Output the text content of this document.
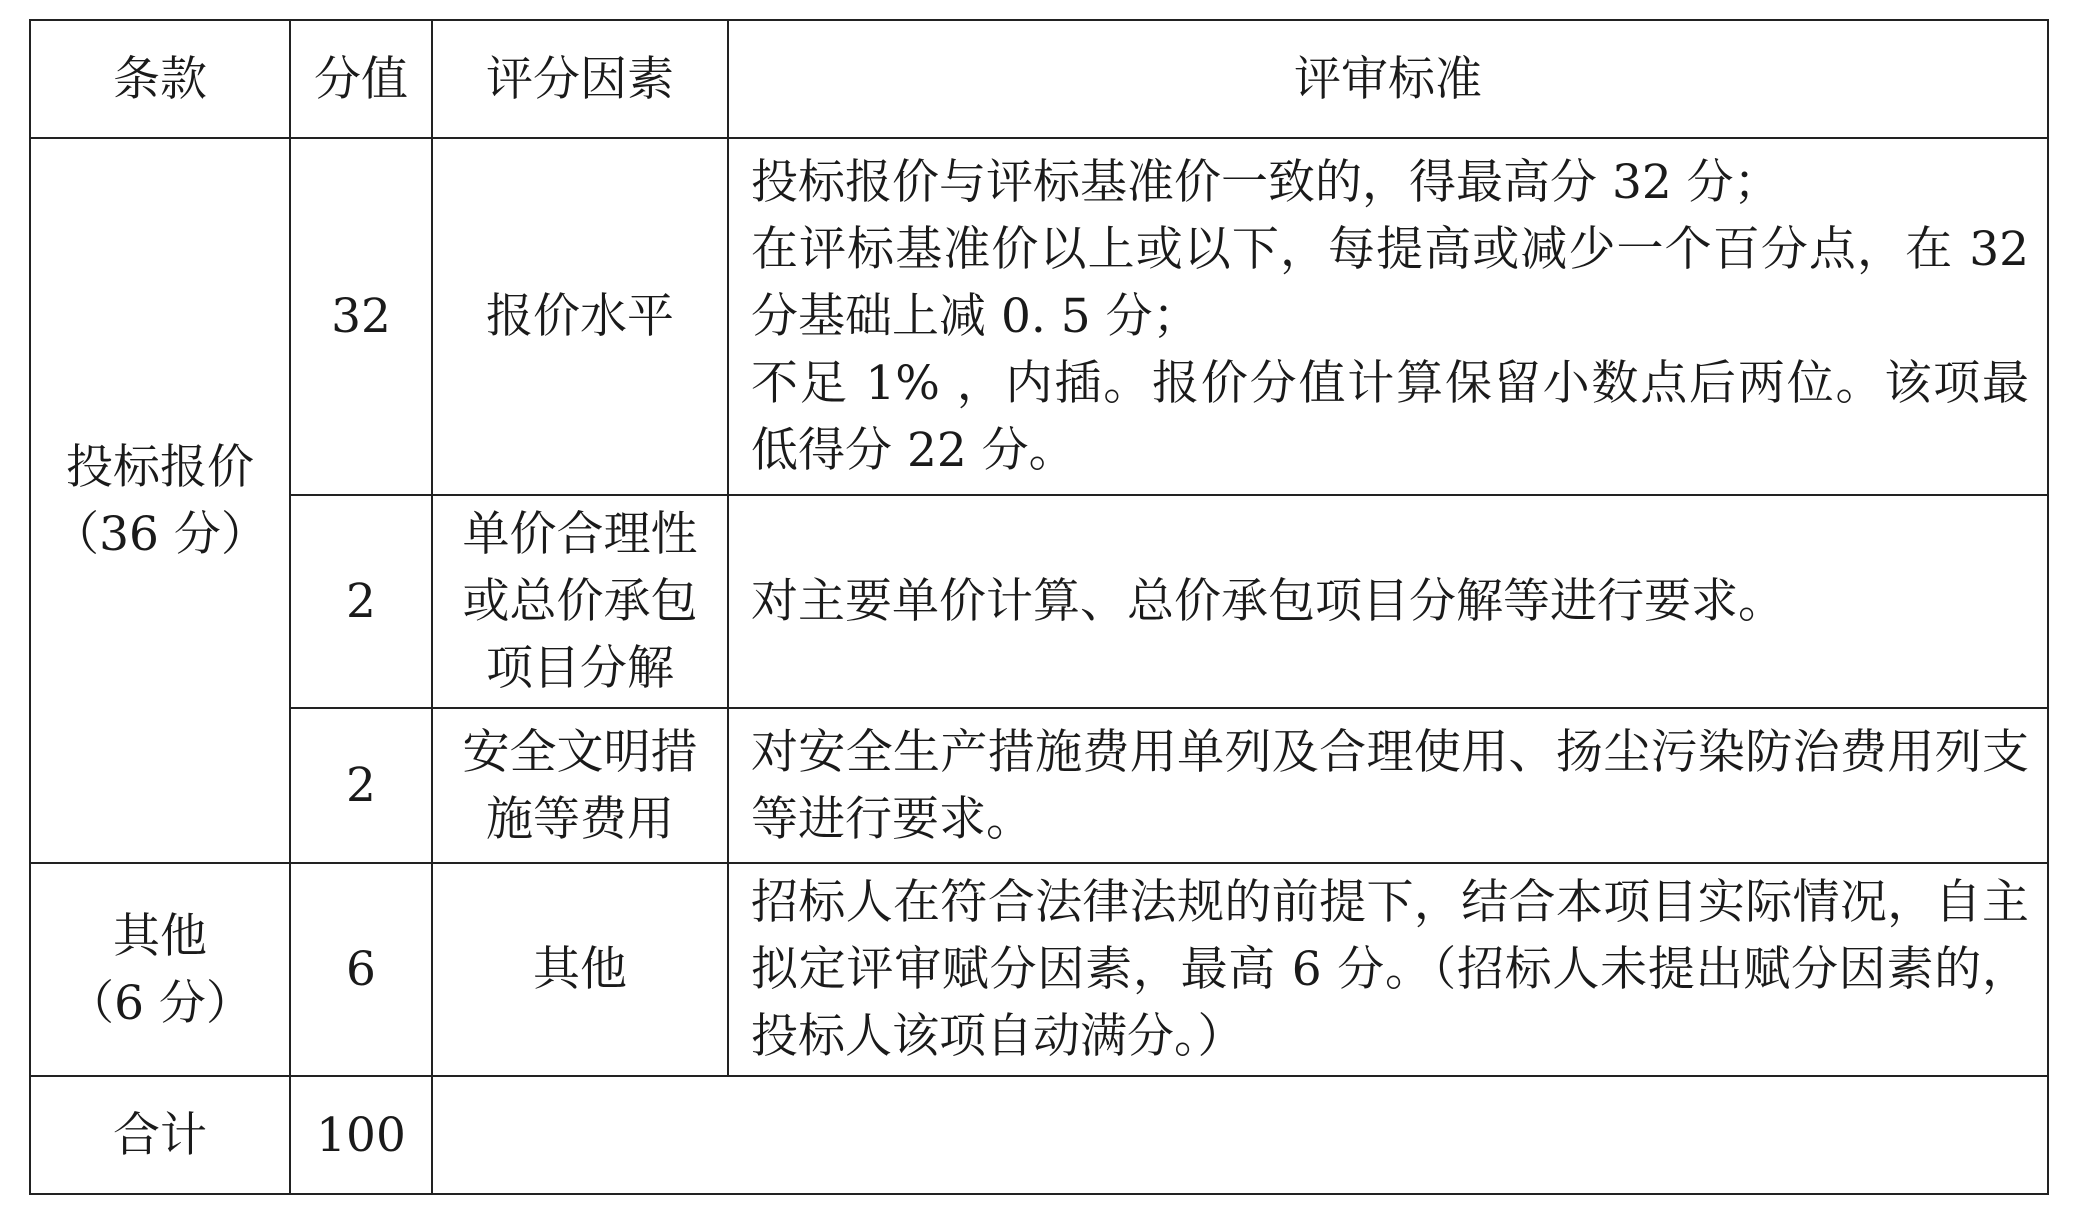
条款	分值	评分因素	评审标准

投标报价
（36 分）	32	报价水平	投标报价与评标基准价一致的，得最高分 32 分；
在评标基准价以上或以下，每提高或减少一个百分点，在 32 分基础上减 0. 5 分；
不足 1% ，内插。报价分值计算保留小数点后两位。该项最低得分 22 分。

	2	单价合理性
或总价承包
项目分解	对主要单价计算、总价承包项目分解等进行要求。

	2	安全文明措
施等费用	对安全生产措施费用单列及合理使用、扬尘污染防治费用列支等进行要求。

其他
（6 分）	6	其他	招标人在符合法律法规的前提下，结合本项目实际情况，自主拟定评审赋分因素，最高 6 分。（招标人未提出赋分因素的，投标人该项自动满分。）

合计	100		
